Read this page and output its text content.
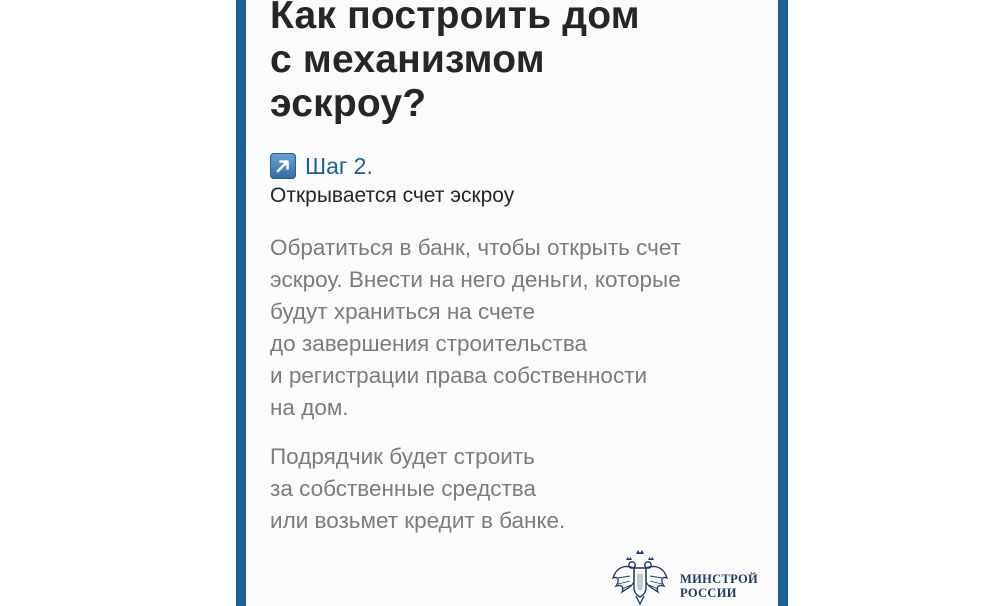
Как построить дом
с механизмом
эскроу?
Шаг 2.
Открывается счет эскроу
Обратиться в банк, чтобы открыть счет
эскроу. Внести на него деньги, которые
будут храниться на счете
до завершения строительства
и регистрации права собственности
на дом.
Подрядчик будет строить
за собственные средства
или возьмет кредит в банке.
МИНСТРОЙ
РОССИИ
